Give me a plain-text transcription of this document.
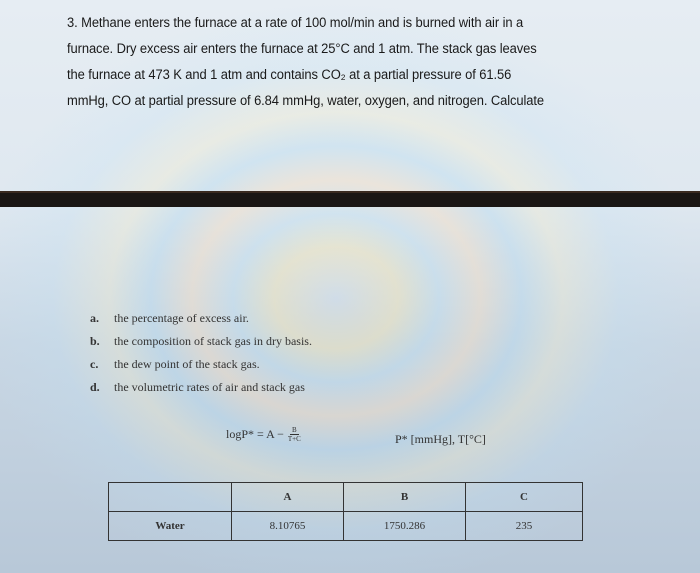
3. Methane enters the furnace at a rate of 100 mol/min and is burned with air in a

furnace. Dry excess air enters the furnace at 25°C and 1 atm. The stack gas leaves

the furnace at 473 K and 1 atm and contains CO₂ at a partial pressure of 61.56

mmHg, CO at partial pressure of 6.84 mmHg, water, oxygen, and nitrogen. Calculate

a.	the percentage of excess air.
b.	the composition of stack gas in dry basis.
c.	the dew point of the stack gas.
d.	the volumetric rates of air and stack gas
$\log P* = A - \frac{B}{T+C}$	P* [mmHg], T[°C]
	A	B	C
Water	8.10765	1750.286	235
